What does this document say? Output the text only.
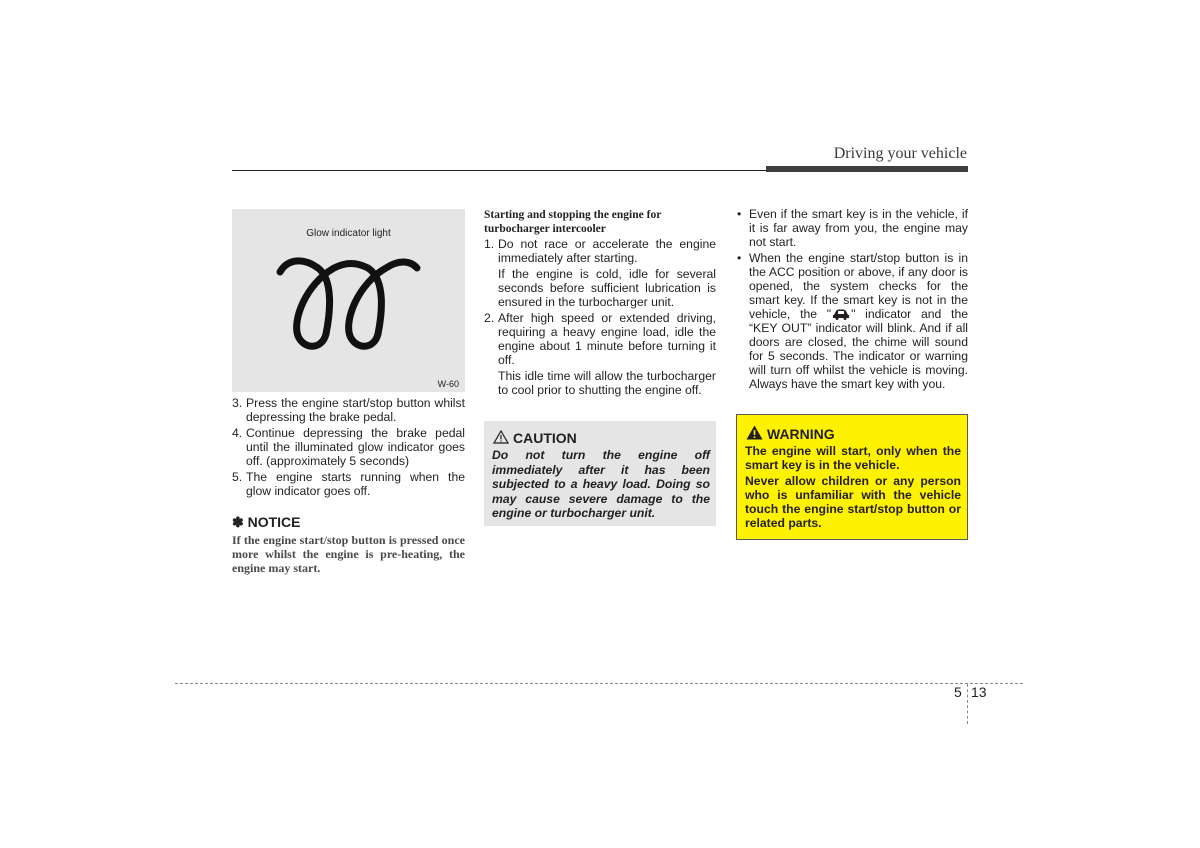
Driving your vehicle
Glow indicator light
W-60
3. Press the engine start/stop button whilst depressing the brake pedal.
4. Continue depressing the brake pedal until the illuminated glow indicator goes off. (approximately 5 seconds)
5. The engine starts running when the glow indicator goes off.
✽ NOTICE
If the engine start/stop button is pressed once more whilst the engine is pre-heating, the engine may start.
Starting and stopping the engine for turbocharger intercooler
1. Do not race or accelerate the engine immediately after starting.

If the engine is cold, idle for several seconds before sufficient lubrication is ensured in the turbocharger unit.

2. After high speed or extended driving, requiring a heavy engine load, idle the engine about 1 minute before turning it off.

This idle time will allow the turbocharger to cool prior to shutting the engine off.

CAUTION
Do not turn the engine off immediately after it has been subjected to a heavy load. Doing so may cause severe damage to the engine or turbocharger unit.
• Even if the smart key is in the vehicle, if it is far away from you, the engine may not start.
• When the engine start/stop button is in the ACC position or above, if any door is opened, the system checks for the smart key. If the smart key is not in the vehicle, the " " indicator and the “KEY OUT” indicator will blink. And if all doors are closed, the chime will sound for 5 seconds. The indicator or warning will turn off whilst the vehicle is moving. Always have the smart key with you.
WARNING

The engine will start, only when the smart key is in the vehicle.

Never allow children or any person who is unfamiliar with the vehicle touch the engine start/stop button or related parts.

5 13
